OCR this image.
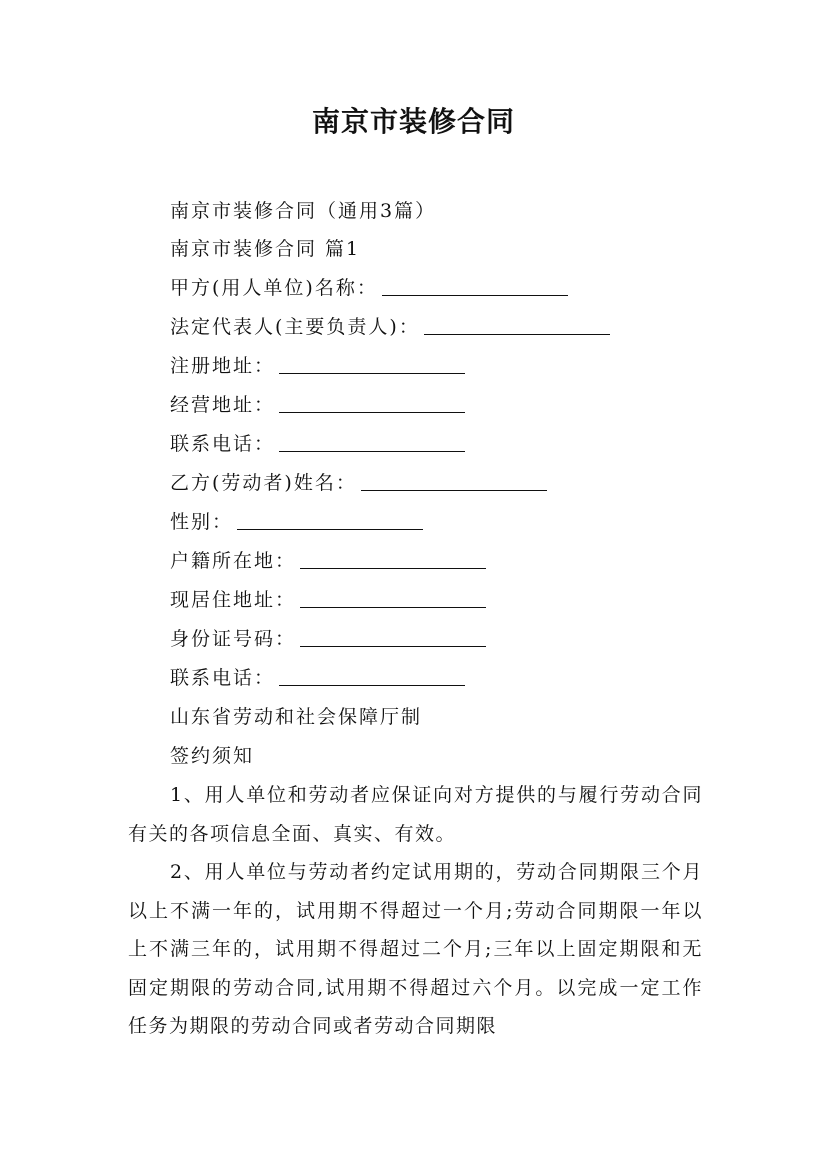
南京市装修合同
南京市装修合同（通用3篇）
南京市装修合同 篇1
甲方(用人单位)名称：
法定代表人(主要负责人)：
注册地址：
经营地址：
联系电话：
乙方(劳动者)姓名：
性别：
户籍所在地：
现居住地址：
身份证号码：
联系电话：
山东省劳动和社会保障厅制
签约须知
1、用人单位和劳动者应保证向对方提供的与履行劳动合同有关的各项信息全面、真实、有效。
2、用人单位与劳动者约定试用期的，劳动合同期限三个月以上不满一年的，试用期不得超过一个月;劳动合同期限一年以上不满三年的，试用期不得超过二个月;三年以上固定期限和无固定期限的劳动合同,试用期不得超过六个月。以完成一定工作任务为期限的劳动合同或者劳动合同期限
